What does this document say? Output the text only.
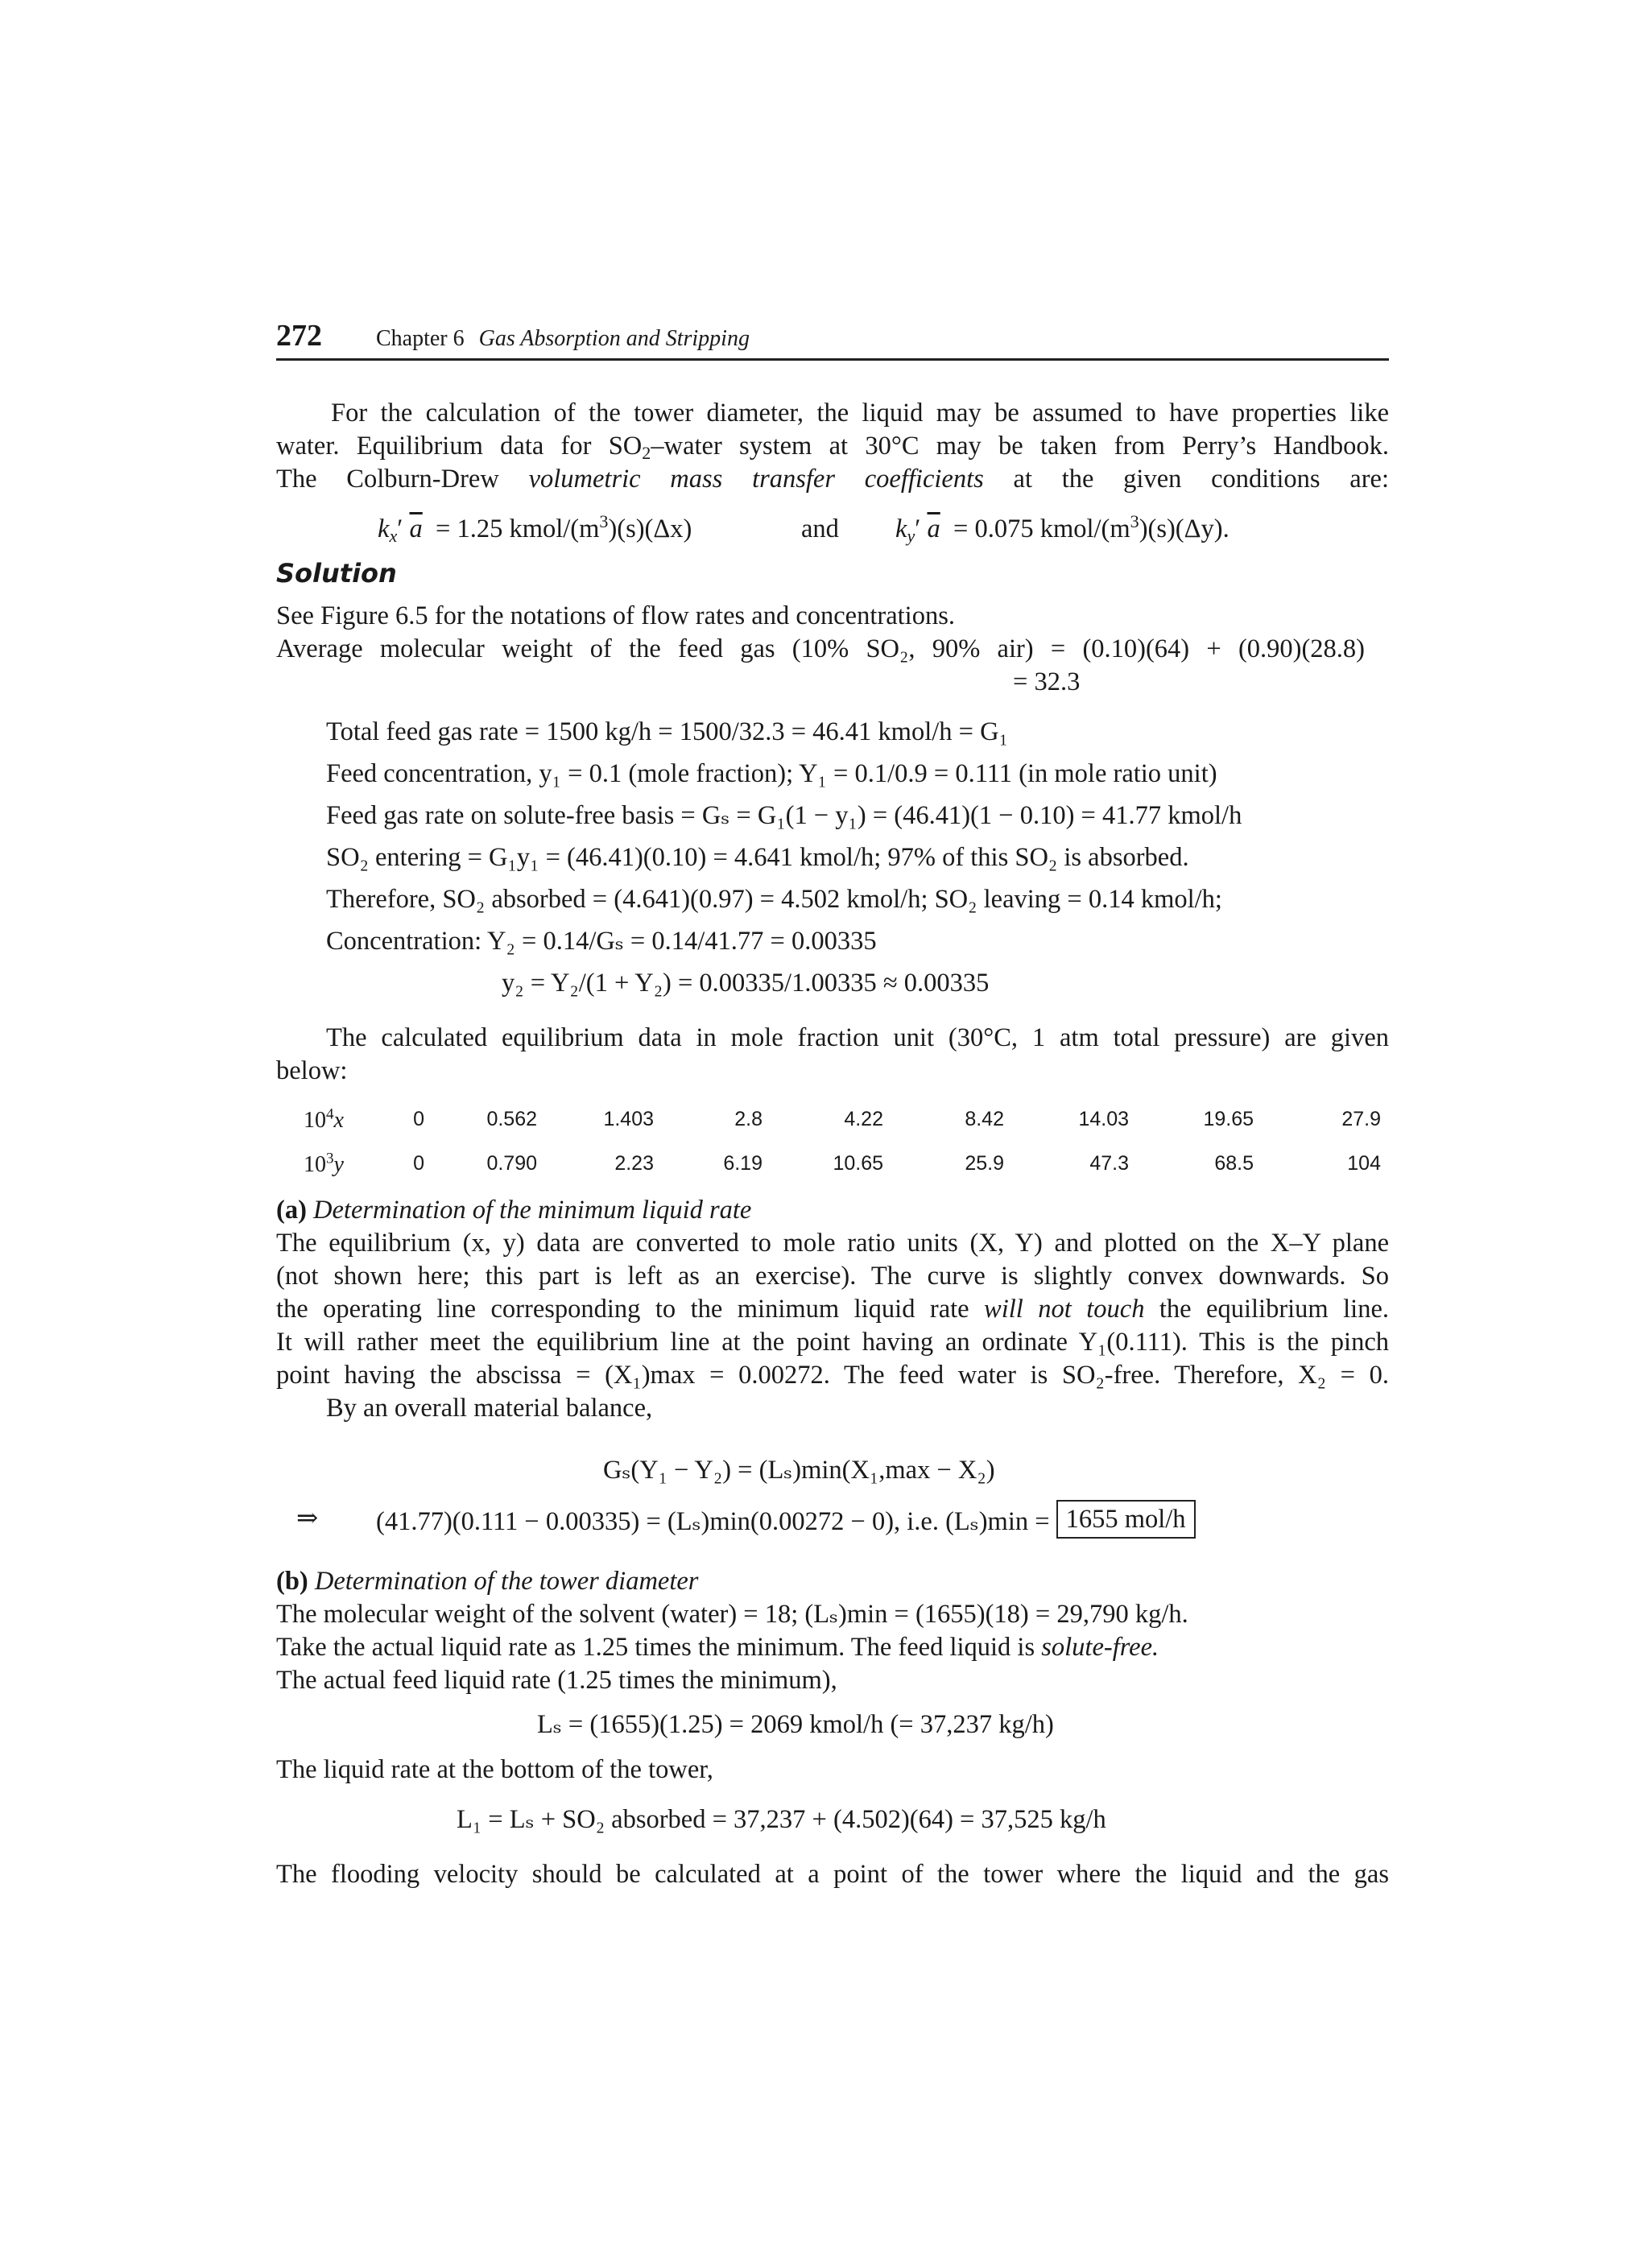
272 Chapter 6 Gas Absorption and Stripping
For the calculation of the tower diameter, the liquid may be assumed to have properties like
water. Equilibrium data for $SO_2$–water system at 30°C may be taken from Perry’s Handbook.
The Colburn-Drew volumetric mass transfer coefficients at the given conditions are:
$k_x'$ $\overline{a} = 1.25$ kmol/$(m^3)(s)(\Delta x)$	and $k_y'$ $\overline{a} = 0.075$ kmol/$(m^3)(s)(\Delta y)$.
Solution
See Figure 6.5 for the notations of flow rates and concentrations.
Average molecular weight of the feed gas (10% SO₂, 90% air) = (0.10)(64) + (0.90)(28.8)
= 32.3
Total feed gas rate = 1500 kg/h = 1500/32.3 = 46.41 kmol/h = G₁
Feed concentration, y₁ = 0.1 (mole fraction); Y₁ = 0.1/0.9 = 0.111 (in mole ratio unit)
Feed gas rate on solute-free basis = Gₛ = G₁(1 − y₁) = (46.41)(1 − 0.10) = 41.77 kmol/h
SO₂ entering = G₁y₁ = (46.41)(0.10) = 4.641 kmol/h; 97% of this SO₂ is absorbed.
Therefore, SO₂ absorbed = (4.641)(0.97) = 4.502 kmol/h; SO₂ leaving = 0.14 kmol/h;
Concentration: Y₂ = 0.14/Gₛ = 0.14/41.77 = 0.00335
y₂ = Y₂/(1 + Y₂) = 0.00335/1.00335 ≈ 0.00335
The calculated equilibrium data in mole fraction unit (30°C, 1 atm total pressure) are given
below:
$10^4x$	0	0.562	1.403	2.8	4.22	8.42	14.03	19.65	27.9
$10^3y$	0	0.790	2.23	6.19	10.65	25.9	47.3	68.5	104
(a) Determination of the minimum liquid rate
The equilibrium (x, y) data are converted to mole ratio units (X, Y) and plotted on the X–Y plane
(not shown here; this part is left as an exercise). The curve is slightly convex downwards. So
the operating line corresponding to the minimum liquid rate will not touch the equilibrium line.
It will rather meet the equilibrium line at the point having an ordinate Y₁(0.111). This is the pinch
point having the abscissa = (X₁)max = 0.00272. The feed water is SO₂-free. Therefore, X₂ = 0.
By an overall material balance,
Gₛ(Y₁ − Y₂) = (Lₛ)min(X₁,max − X₂)
⇒ (41.77)(0.111 − 0.00335) = (Lₛ)min(0.00272 − 0), i.e. (Lₛ)min = 1655 mol/h
(b) Determination of the tower diameter
The molecular weight of the solvent (water) = 18; (Lₛ)min = (1655)(18) = 29,790 kg/h.
Take the actual liquid rate as 1.25 times the minimum. The feed liquid is solute-free.
The actual feed liquid rate (1.25 times the minimum),
Lₛ = (1655)(1.25) = 2069 kmol/h (= 37,237 kg/h)
The liquid rate at the bottom of the tower,
L₁ = Lₛ + SO₂ absorbed = 37,237 + (4.502)(64) = 37,525 kg/h
The flooding velocity should be calculated at a point of the tower where the liquid and the gas
